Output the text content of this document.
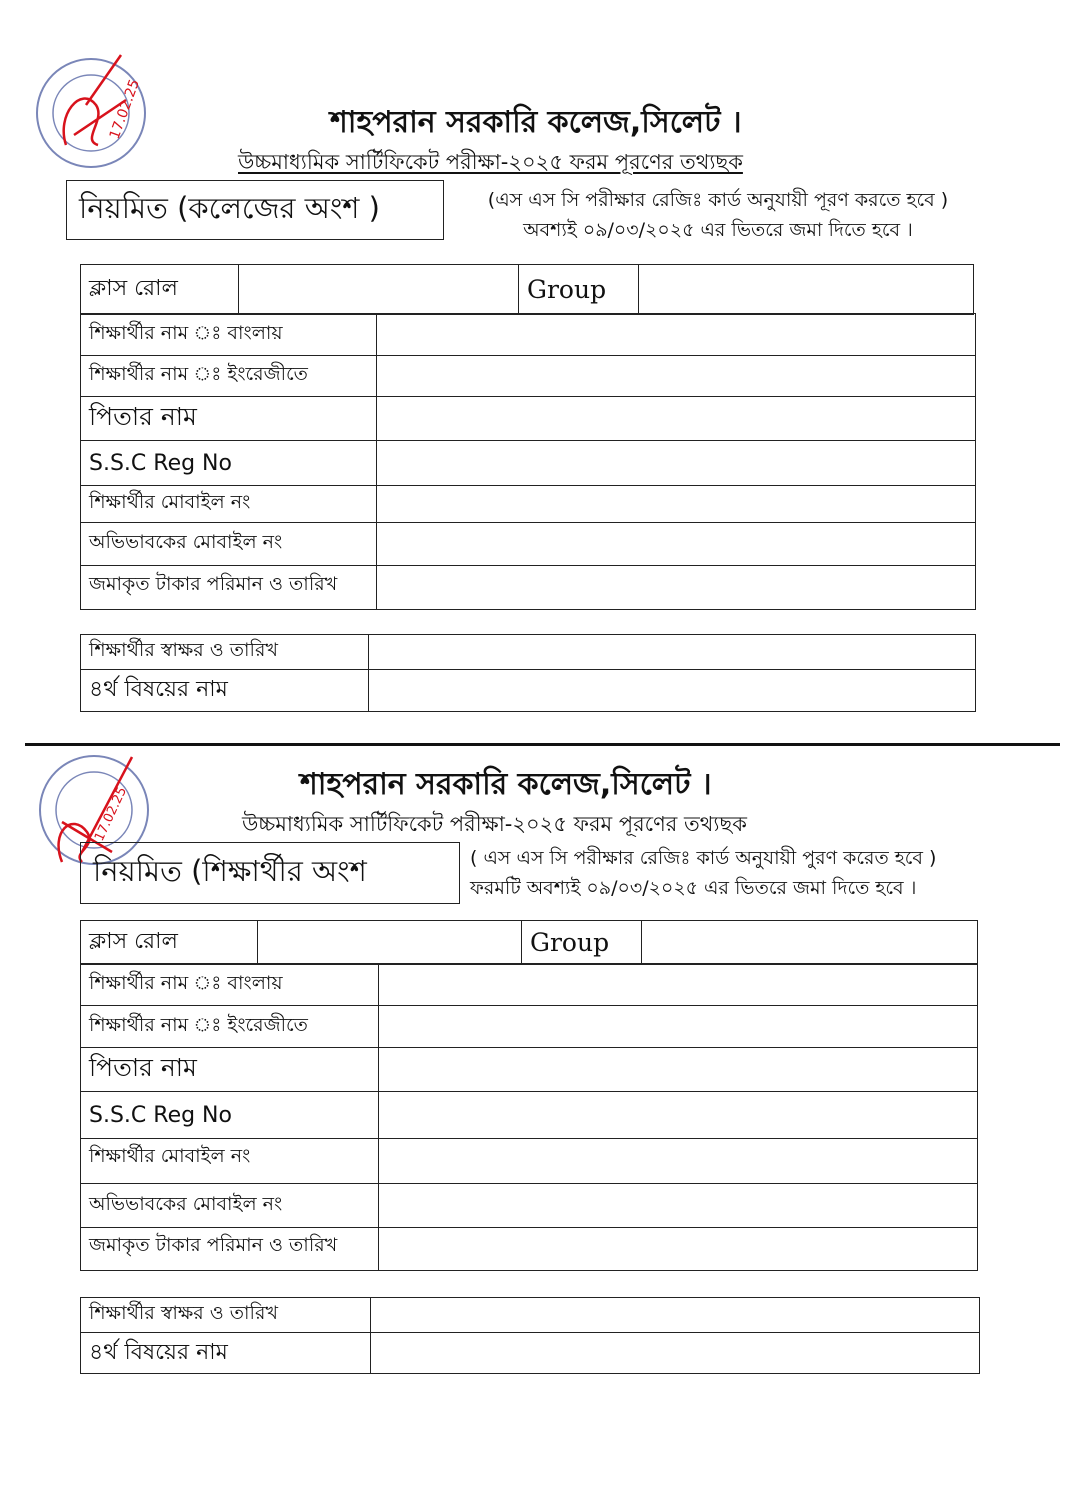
17.02.25	শাহপরান সরকারি কলেজ,সিলেট ।
উচ্চমাধ্যমিক সার্টিফিকেট পরীক্ষা-২০২৫ ফরম পূরণের তথ্যছক
নিয়মিত (কলেজের অংশ )	(এস এস সি পরীক্ষার রেজিঃ কার্ড অনুযায়ী পূরণ করতে হবে )
অবশ্যই ০৯/০৩/২০২৫ এর ভিতরে জমা দিতে হবে ।
ক্লাস রোল		Group	
শিক্ষার্থীর নাম ঃ বাংলায়	
শিক্ষার্থীর নাম ঃ ইংরেজীতে	
পিতার নাম	
S.S.C Reg No	
শিক্ষার্থীর মোবাইল নং	
অভিভাবকের মোবাইল নং	
জমাকৃত টাকার পরিমান ও তারিখ	
শিক্ষার্থীর স্বাক্ষর ও তারিখ	
৪র্থ বিষয়ের নাম	
17.02.25
শাহপরান সরকারি কলেজ,সিলেট ।
উচ্চমাধ্যমিক সার্টিফিকেট পরীক্ষা-২০২৫ ফরম পূরণের তথ্যছক
নিয়মিত (শিক্ষার্থীর অংশ	( এস এস সি পরীক্ষার রেজিঃ কার্ড অনুযায়ী পুরণ করেত হবে )
ফরমটি অবশ্যই ০৯/০৩/২০২৫ এর ভিতরে জমা দিতে হবে ।
ক্লাস রোল		Group	
শিক্ষার্থীর নাম ঃ বাংলায়	
শিক্ষার্থীর নাম ঃ ইংরেজীতে	
পিতার নাম	
S.S.C Reg No	
শিক্ষার্থীর মোবাইল নং	
অভিভাবকের মোবাইল নং	
জমাকৃত টাকার পরিমান ও তারিখ	
শিক্ষার্থীর স্বাক্ষর ও তারিখ	
৪র্থ বিষয়ের নাম	
